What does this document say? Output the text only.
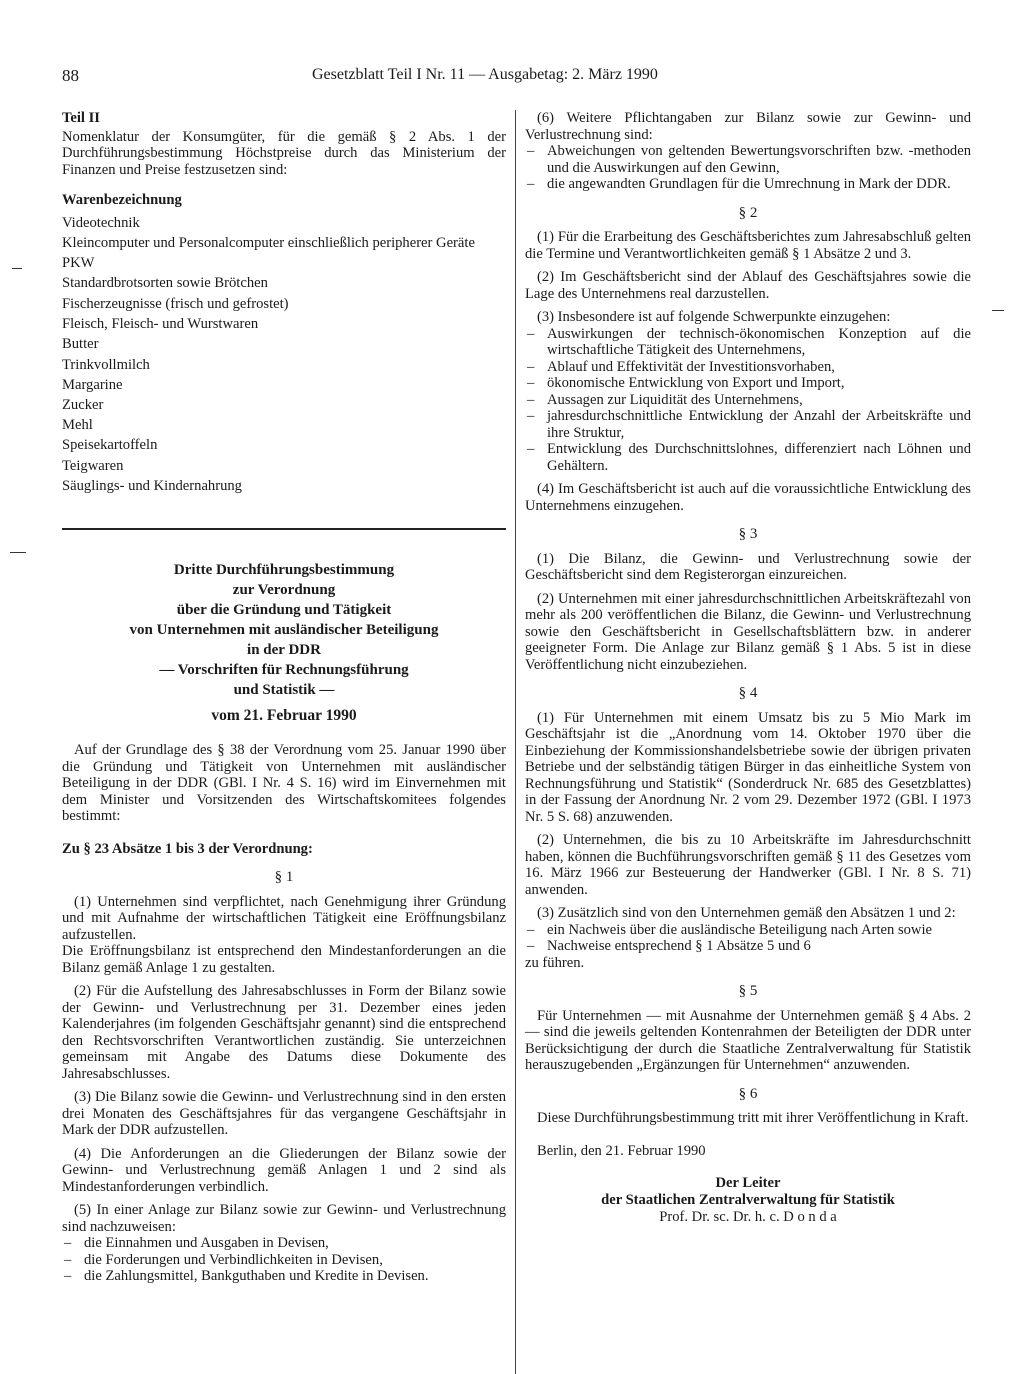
88	Gesetzblatt Teil I Nr. 11 — Ausgabetag: 2. März 1990

Teil II

Nomenklatur der Konsumgüter, für die gemäß § 2 Abs. 1 der Durchführungsbestimmung Höchstpreise durch das Ministerium der Finanzen und Preise festzusetzen sind:

Warenbezeichnung

Videotechnik

Kleincomputer und Personalcomputer einschließlich peripherer Geräte

PKW

Standardbrotsorten sowie Brötchen

Fischerzeugnisse (frisch und gefrostet)

Fleisch, Fleisch- und Wurstwaren

Butter

Trinkvollmilch

Margarine

Zucker

Mehl

Speisekartoffeln

Teigwaren

Säuglings- und Kindernahrung

Dritte Durchführungsbestimmung
zur Verordnung
über die Gründung und Tätigkeit
von Unternehmen mit ausländischer Beteiligung
in der DDR
— Vorschriften für Rechnungsführung
und Statistik —
vom 21. Februar 1990

Auf der Grundlage des § 38 der Verordnung vom 25. Januar 1990 über die Gründung und Tätigkeit von Unternehmen mit ausländischer Beteiligung in der DDR (GBl. I Nr. 4 S. 16) wird im Einvernehmen mit dem Minister und Vorsitzenden des Wirtschaftskomitees folgendes bestimmt:

Zu § 23 Absätze 1 bis 3 der Verordnung:

§ 1

(1) Unternehmen sind verpflichtet, nach Genehmigung ihrer Gründung und mit Aufnahme der wirtschaftlichen Tätigkeit eine Eröffnungsbilanz aufzustellen.

Die Eröffnungsbilanz ist entsprechend den Mindestanforderungen an die Bilanz gemäß Anlage 1 zu gestalten.

(2) Für die Aufstellung des Jahresabschlusses in Form der Bilanz sowie der Gewinn- und Verlustrechnung per 31. Dezember eines jeden Kalenderjahres (im folgenden Geschäftsjahr genannt) sind die entsprechend den Rechtsvorschriften Verantwortlichen zuständig. Sie unterzeichnen gemeinsam mit Angabe des Datums diese Dokumente des Jahresabschlusses.

(3) Die Bilanz sowie die Gewinn- und Verlustrechnung sind in den ersten drei Monaten des Geschäftsjahres für das vergangene Geschäftsjahr in Mark der DDR aufzustellen.

(4) Die Anforderungen an die Gliederungen der Bilanz sowie der Gewinn- und Verlustrechnung gemäß Anlagen 1 und 2 sind als Mindestanforderungen verbindlich.

(5) In einer Anlage zur Bilanz sowie zur Gewinn- und Verlustrechnung sind nachzuweisen:

– die Einnahmen und Ausgaben in Devisen,

– die Forderungen und Verbindlichkeiten in Devisen,

– die Zahlungsmittel, Bankguthaben und Kredite in Devisen.

(6) Weitere Pflichtangaben zur Bilanz sowie zur Gewinn- und Verlustrechnung sind:

– Abweichungen von geltenden Bewertungsvorschriften bzw. -methoden und die Auswirkungen auf den Gewinn,

– die angewandten Grundlagen für die Umrechnung in Mark der DDR.

§ 2

(1) Für die Erarbeitung des Geschäftsberichtes zum Jahresabschluß gelten die Termine und Verantwortlichkeiten gemäß § 1 Absätze 2 und 3.

(2) Im Geschäftsbericht sind der Ablauf des Geschäftsjahres sowie die Lage des Unternehmens real darzustellen.

(3) Insbesondere ist auf folgende Schwerpunkte einzugehen:

– Auswirkungen der technisch-ökonomischen Konzeption auf die wirtschaftliche Tätigkeit des Unternehmens,

– Ablauf und Effektivität der Investitionsvorhaben,

– ökonomische Entwicklung von Export und Import,

– Aussagen zur Liquidität des Unternehmens,

– jahresdurchschnittliche Entwicklung der Anzahl der Arbeitskräfte und ihre Struktur,

– Entwicklung des Durchschnittslohnes, differenziert nach Löhnen und Gehältern.

(4) Im Geschäftsbericht ist auch auf die voraussichtliche Entwicklung des Unternehmens einzugehen.

§ 3

(1) Die Bilanz, die Gewinn- und Verlustrechnung sowie der Geschäftsbericht sind dem Registerorgan einzureichen.

(2) Unternehmen mit einer jahresdurchschnittlichen Arbeitskräftezahl von mehr als 200 veröffentlichen die Bilanz, die Gewinn- und Verlustrechnung sowie den Geschäftsbericht in Gesellschaftsblättern bzw. in anderer geeigneter Form. Die Anlage zur Bilanz gemäß § 1 Abs. 5 ist in diese Veröffentlichung nicht einzubeziehen.

§ 4

(1) Für Unternehmen mit einem Umsatz bis zu 5 Mio Mark im Geschäftsjahr ist die „Anordnung vom 14. Oktober 1970 über die Einbeziehung der Kommissionshandelsbetriebe sowie der übrigen privaten Betriebe und der selbständig tätigen Bürger in das einheitliche System von Rechnungsführung und Statistik“ (Sonderdruck Nr. 685 des Gesetzblattes) in der Fassung der Anordnung Nr. 2 vom 29. Dezember 1972 (GBl. I 1973 Nr. 5 S. 68) anzuwenden.

(2) Unternehmen, die bis zu 10 Arbeitskräfte im Jahresdurchschnitt haben, können die Buchführungsvorschriften gemäß § 11 des Gesetzes vom 16. März 1966 zur Besteuerung der Handwerker (GBl. I Nr. 8 S. 71) anwenden.

(3) Zusätzlich sind von den Unternehmen gemäß den Absätzen 1 und 2:

– ein Nachweis über die ausländische Beteiligung nach Arten sowie

– Nachweise entsprechend § 1 Absätze 5 und 6

zu führen.

§ 5

Für Unternehmen — mit Ausnahme der Unternehmen gemäß § 4 Abs. 2 — sind die jeweils geltenden Kontenrahmen der Beteiligten der DDR unter Berücksichtigung der durch die Staatliche Zentralverwaltung für Statistik herauszugebenden „Ergänzungen für Unternehmen“ anzuwenden.

§ 6

Diese Durchführungsbestimmung tritt mit ihrer Veröffentlichung in Kraft.

Berlin, den 21. Februar 1990

Der Leiter
der Staatlichen Zentralverwaltung für Statistik
Prof. Dr. sc. Dr. h. c. D o n d a
